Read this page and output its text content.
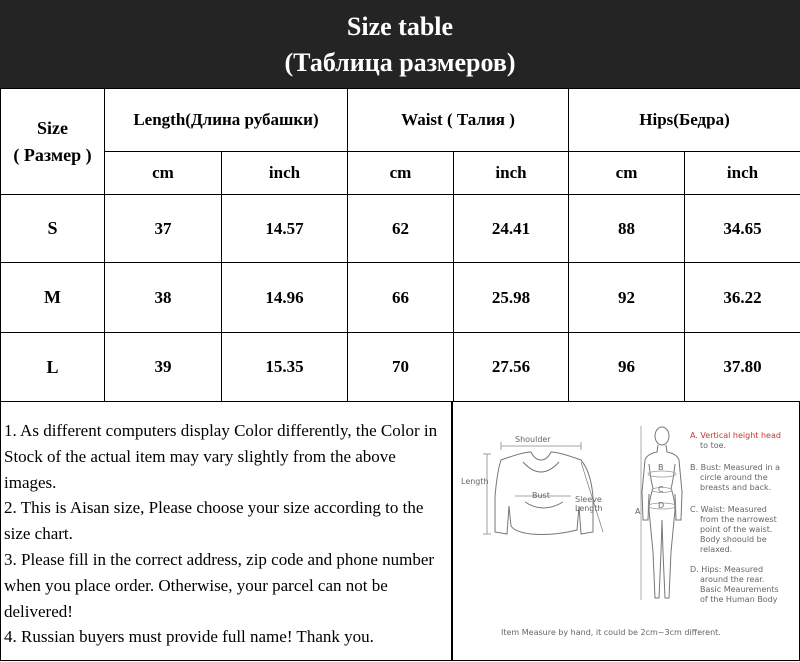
Size table
(Таблица размеров)
Size
( Размер )	Length(Длина рубашки)		Waist ( Талия )		Hips(Бедра)	
	cm	inch	cm	inch	cm	inch
S	37	14.57	62	24.41	88	34.65
M	38	14.96	66	25.98	92	36.22
L	39	15.35	70	27.56	96	37.80

1. As different computers display Color differently, the Color in Stock of the actual item may vary slightly from the above images.

2. This is Aisan size, Please choose your size according to the size chart.

3. Please fill in the correct address, zip code and phone number when you place order. Otherwise, your parcel can not be delivered!

4. Russian buyers must provide full name! Thank you.

Shoulder
Length
Bust	Sleeve
Length	A
B
C
D
A. Vertical height head
to toe.
B. Bust: Measured in a
circle around the
breasts and back.
C. Waist: Measured
from the narrowest
point of the waist.
Body shoould be
relaxed.
D. Hips: Measured
around the rear.
Basic Meaurements
of the Human Body
Item Measure by hand, it could be 2cm~3cm different.
